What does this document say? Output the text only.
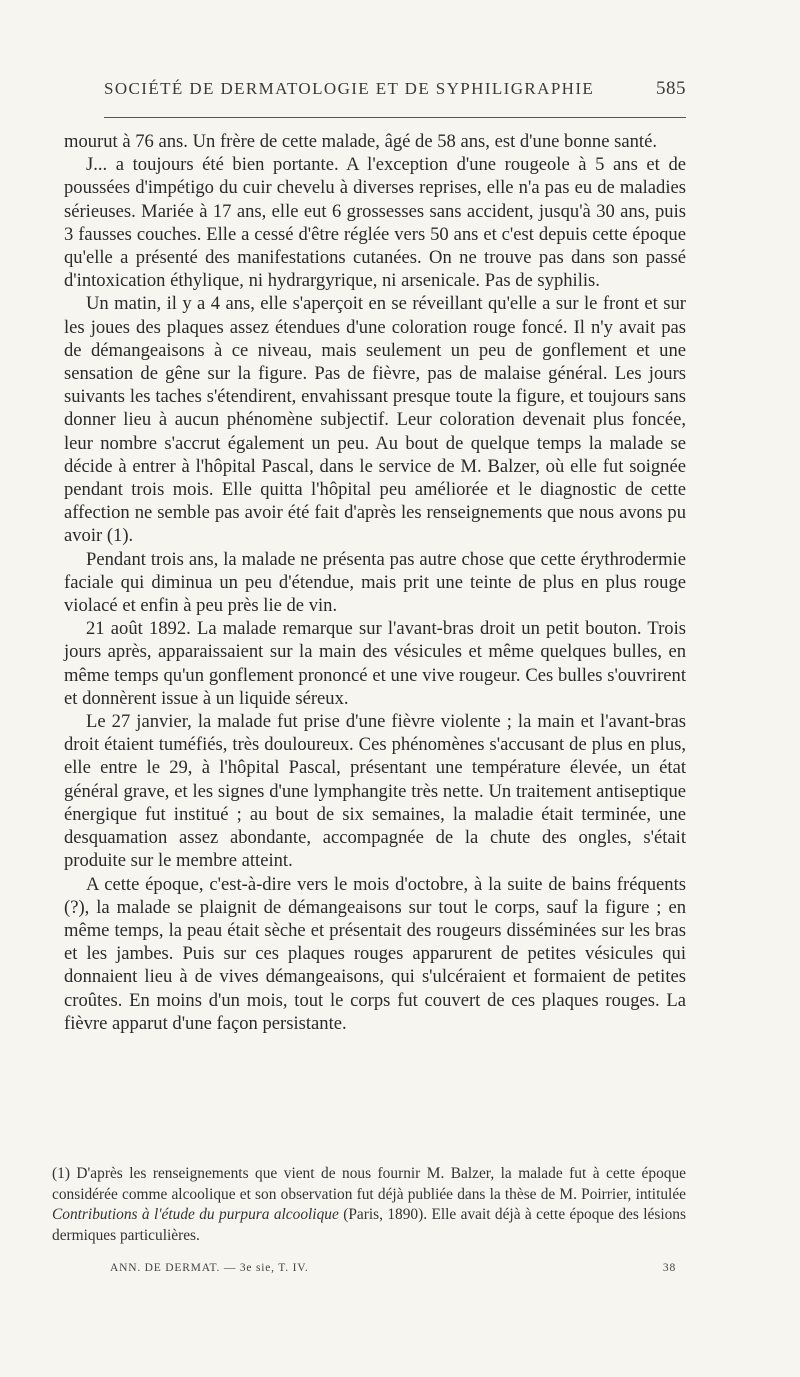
SOCIÉTÉ DE DERMATOLOGIE ET DE SYPHILIGRAPHIE	585

mourut à 76 ans. Un frère de cette malade, âgé de 58 ans, est d'une bonne santé.

J... a toujours été bien portante. A l'exception d'une rougeole à 5 ans et de poussées d'impétigo du cuir chevelu à diverses reprises, elle n'a pas eu de maladies sérieuses. Mariée à 17 ans, elle eut 6 grossesses sans accident, jusqu'à 30 ans, puis 3 fausses couches. Elle a cessé d'être réglée vers 50 ans et c'est depuis cette époque qu'elle a présenté des manifestations cutanées. On ne trouve pas dans son passé d'intoxication éthylique, ni hydrargyrique, ni arsenicale. Pas de syphilis.

Un matin, il y a 4 ans, elle s'aperçoit en se réveillant qu'elle a sur le front et sur les joues des plaques assez étendues d'une coloration rouge foncé. Il n'y avait pas de démangeaisons à ce niveau, mais seulement un peu de gonflement et une sensation de gêne sur la figure. Pas de fièvre, pas de malaise général. Les jours suivants les taches s'étendirent, envahissant presque toute la figure, et toujours sans donner lieu à aucun phénomène subjectif. Leur coloration devenait plus foncée, leur nombre s'accrut également un peu. Au bout de quelque temps la malade se décide à entrer à l'hôpital Pascal, dans le service de M. Balzer, où elle fut soignée pendant trois mois. Elle quitta l'hôpital peu améliorée et le diagnostic de cette affection ne semble pas avoir été fait d'après les renseignements que nous avons pu avoir (1).

Pendant trois ans, la malade ne présenta pas autre chose que cette érythrodermie faciale qui diminua un peu d'étendue, mais prit une teinte de plus en plus rouge violacé et enfin à peu près lie de vin.

21 août 1892. La malade remarque sur l'avant-bras droit un petit bouton. Trois jours après, apparaissaient sur la main des vésicules et même quelques bulles, en même temps qu'un gonflement prononcé et une vive rougeur. Ces bulles s'ouvrirent et donnèrent issue à un liquide séreux.

Le 27 janvier, la malade fut prise d'une fièvre violente ; la main et l'avant-bras droit étaient tuméfiés, très douloureux. Ces phénomènes s'accusant de plus en plus, elle entre le 29, à l'hôpital Pascal, présentant une température élevée, un état général grave, et les signes d'une lymphangite très nette. Un traitement antiseptique énergique fut institué ; au bout de six semaines, la maladie était terminée, une desquamation assez abondante, accompagnée de la chute des ongles, s'était produite sur le membre atteint.

A cette époque, c'est-à-dire vers le mois d'octobre, à la suite de bains fréquents (?), la malade se plaignit de démangeaisons sur tout le corps, sauf la figure ; en même temps, la peau était sèche et présentait des rougeurs disséminées sur les bras et les jambes. Puis sur ces plaques rouges apparurent de petites vésicules qui donnaient lieu à de vives démangeaisons, qui s'ulcéraient et formaient de petites croûtes. En moins d'un mois, tout le corps fut couvert de ces plaques rouges. La fièvre apparut d'une façon persistante.

(1) D'après les renseignements que vient de nous fournir M. Balzer, la malade fut à cette époque considérée comme alcoolique et son observation fut déjà publiée dans la thèse de M. Poirrier, intitulée Contributions à l'étude du purpura alcoolique (Paris, 1890). Elle avait déjà à cette époque des lésions dermiques particulières.

ANN. DE DERMAT. — 3e sie, T. IV.	38
